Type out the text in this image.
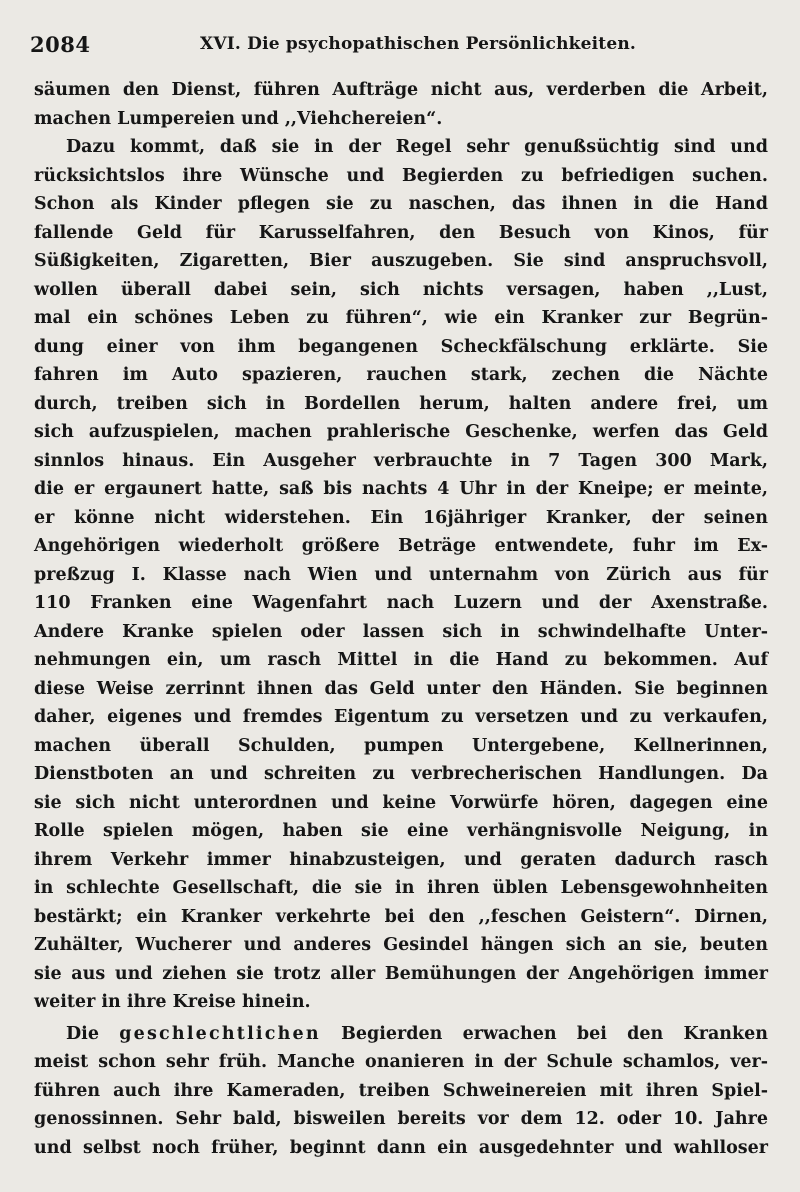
2084	XVI. Die psychopathischen Persönlichkeiten.
säumen den Dienst, führen Aufträge nicht aus, verderben die Arbeit,
machen Lumpereien und ,,Viehchereien“.
Dazu kommt, daß sie in der Regel sehr genußsüchtig sind und
rücksichtslos ihre Wünsche und Begierden zu befriedigen suchen.
Schon als Kinder pflegen sie zu naschen, das ihnen in die Hand
fallende Geld für Karusselfahren, den Besuch von Kinos, für
Süßigkeiten, Zigaretten, Bier auszugeben. Sie sind anspruchsvoll,
wollen überall dabei sein, sich nichts versagen, haben ,,Lust,
mal ein schönes Leben zu führen“, wie ein Kranker zur Begrün-
dung einer von ihm begangenen Scheckfälschung erklärte. Sie
fahren im Auto spazieren, rauchen stark, zechen die Nächte
durch, treiben sich in Bordellen herum, halten andere frei, um
sich aufzuspielen, machen prahlerische Geschenke, werfen das Geld
sinnlos hinaus. Ein Ausgeher verbrauchte in 7 Tagen 300 Mark,
die er ergaunert hatte, saß bis nachts 4 Uhr in der Kneipe; er meinte,
er könne nicht widerstehen. Ein 16jähriger Kranker, der seinen
Angehörigen wiederholt größere Beträge entwendete, fuhr im Ex-
preßzug I. Klasse nach Wien und unternahm von Zürich aus für
110 Franken eine Wagenfahrt nach Luzern und der Axenstraße.
Andere Kranke spielen oder lassen sich in schwindelhafte Unter-
nehmungen ein, um rasch Mittel in die Hand zu bekommen. Auf
diese Weise zerrinnt ihnen das Geld unter den Händen. Sie beginnen
daher, eigenes und fremdes Eigentum zu versetzen und zu verkaufen,
machen überall Schulden, pumpen Untergebene, Kellnerinnen,
Dienstboten an und schreiten zu verbrecherischen Handlungen. Da
sie sich nicht unterordnen und keine Vorwürfe hören, dagegen eine
Rolle spielen mögen, haben sie eine verhängnisvolle Neigung, in
ihrem Verkehr immer hinabzusteigen, und geraten dadurch rasch
in schlechte Gesellschaft, die sie in ihren üblen Lebensgewohnheiten
bestärkt; ein Kranker verkehrte bei den ,,feschen Geistern“. Dirnen,
Zuhälter, Wucherer und anderes Gesindel hängen sich an sie, beuten
sie aus und ziehen sie trotz aller Bemühungen der Angehörigen immer
weiter in ihre Kreise hinein.
Die geschlechtlichen Begierden erwachen bei den Kranken
meist schon sehr früh. Manche onanieren in der Schule schamlos, ver-
führen auch ihre Kameraden, treiben Schweinereien mit ihren Spiel-
genossinnen. Sehr bald, bisweilen bereits vor dem 12. oder 10. Jahre
und selbst noch früher, beginnt dann ein ausgedehnter und wahlloser
